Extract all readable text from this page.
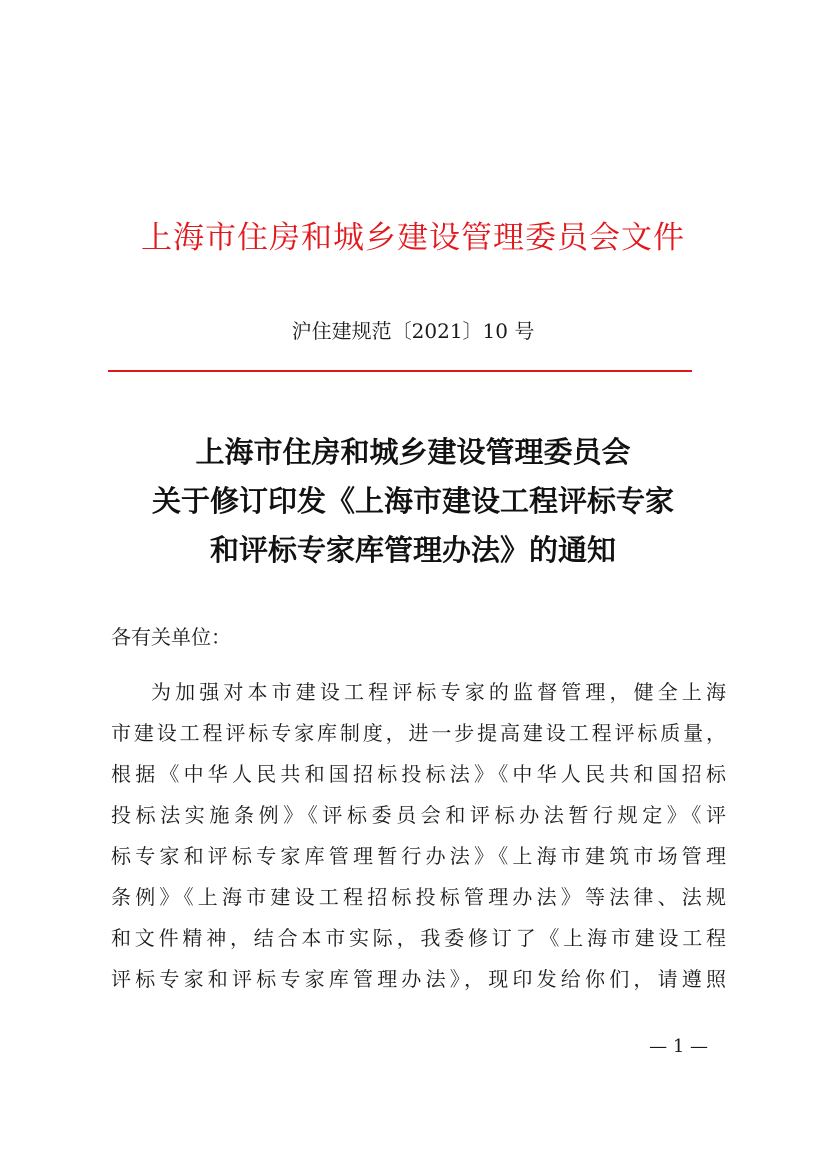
上海市住房和城乡建设管理委员会文件
沪住建规范〔2021〕10 号
上海市住房和城乡建设管理委员会
关于修订印发《上海市建设工程评标专家
和评标专家库管理办法》的通知
各有关单位：
为加强对本市建设工程评标专家的监督管理，健全上海
市建设工程评标专家库制度，进一步提高建设工程评标质量，
根据《中华人民共和国招标投标法》《中华人民共和国招标
投标法实施条例》《评标委员会和评标办法暂行规定》《评
标专家和评标专家库管理暂行办法》《上海市建筑市场管理
条例》《上海市建设工程招标投标管理办法》等法律、法规
和文件精神，结合本市实际，我委修订了《上海市建设工程
评标专家和评标专家库管理办法》，现印发给你们，请遵照
— 1 —
